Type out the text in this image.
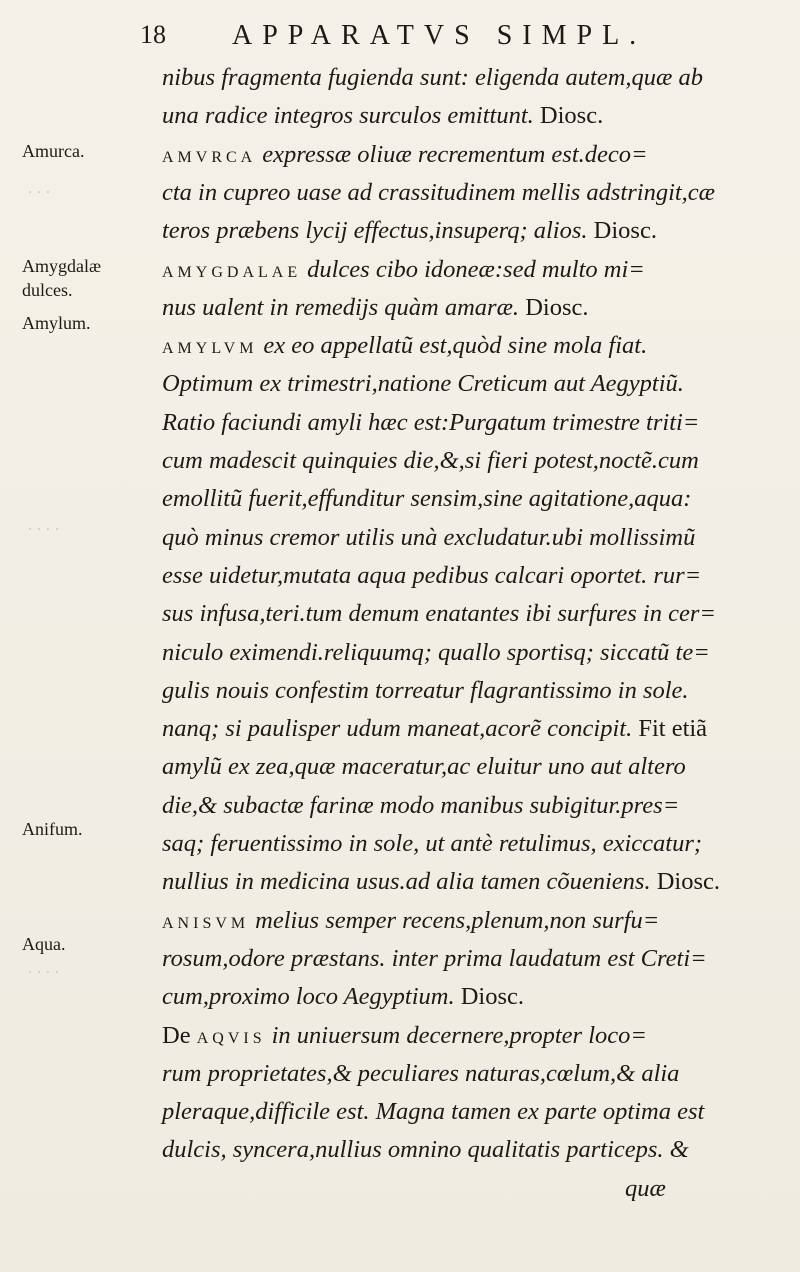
18 APPARATVS SIMPL.
Amurca.
Amygdalæ
dulces.
Amylum.
Anifum.
Aqua.
· · ·
· · · ·
· · · ·
nibus fragmenta fugienda sunt: eligenda autem,quæ ab
una radice integros surculos emittunt. Diosc.
AMVRCA expressæ oliuæ recrementum est.deco=
cta in cupreo uase ad crassitudinem mellis adstringit,cæ
teros præbens lycij effectus,insuperq; alios. Diosc.
AMYGDALAE dulces cibo idoneæ:sed multo mi=
nus ualent in remedijs quàm amaræ. Diosc.
AMYLVM ex eo appellatũ est,quòd sine mola fiat.
Optimum ex trimestri,natione Creticum aut Aegyptiũ.
Ratio faciundi amyli hæc est:Purgatum trimestre triti=
cum madescit quinquies die,&,si fieri potest,noctẽ.cum
emollitũ fuerit,effunditur sensim,sine agitatione,aqua:
quò minus cremor utilis unà excludatur.ubi mollissimũ
esse uidetur,mutata aqua pedibus calcari oportet. rur=
sus infusa,teri.tum demum enatantes ibi surfures in cer=
niculo eximendi.reliquumq; quallo sportisq; siccatũ te=
gulis nouis confestim torreatur flagrantissimo in sole.
nanq; si paulisper udum maneat,acorẽ concipit. Fit etiã
amylũ ex zea,quæ maceratur,ac eluitur uno aut altero
die,& subactæ farinæ modo manibus subigitur.pres=
saq; feruentissimo in sole, ut antè retulimus, exiccatur;
nullius in medicina usus.ad alia tamen cõueniens. Diosc.
ANISVM melius semper recens,plenum,non surfu=
rosum,odore præstans. inter prima laudatum est Creti=
cum,proximo loco Aegyptium. Diosc.
De AQVIS in uniuersum decernere,propter loco=
rum proprietates,& peculiares naturas,cœlum,& alia
pleraque,difficile est. Magna tamen ex parte optima est
dulcis, syncera,nullius omnino qualitatis particeps. &
quæ
